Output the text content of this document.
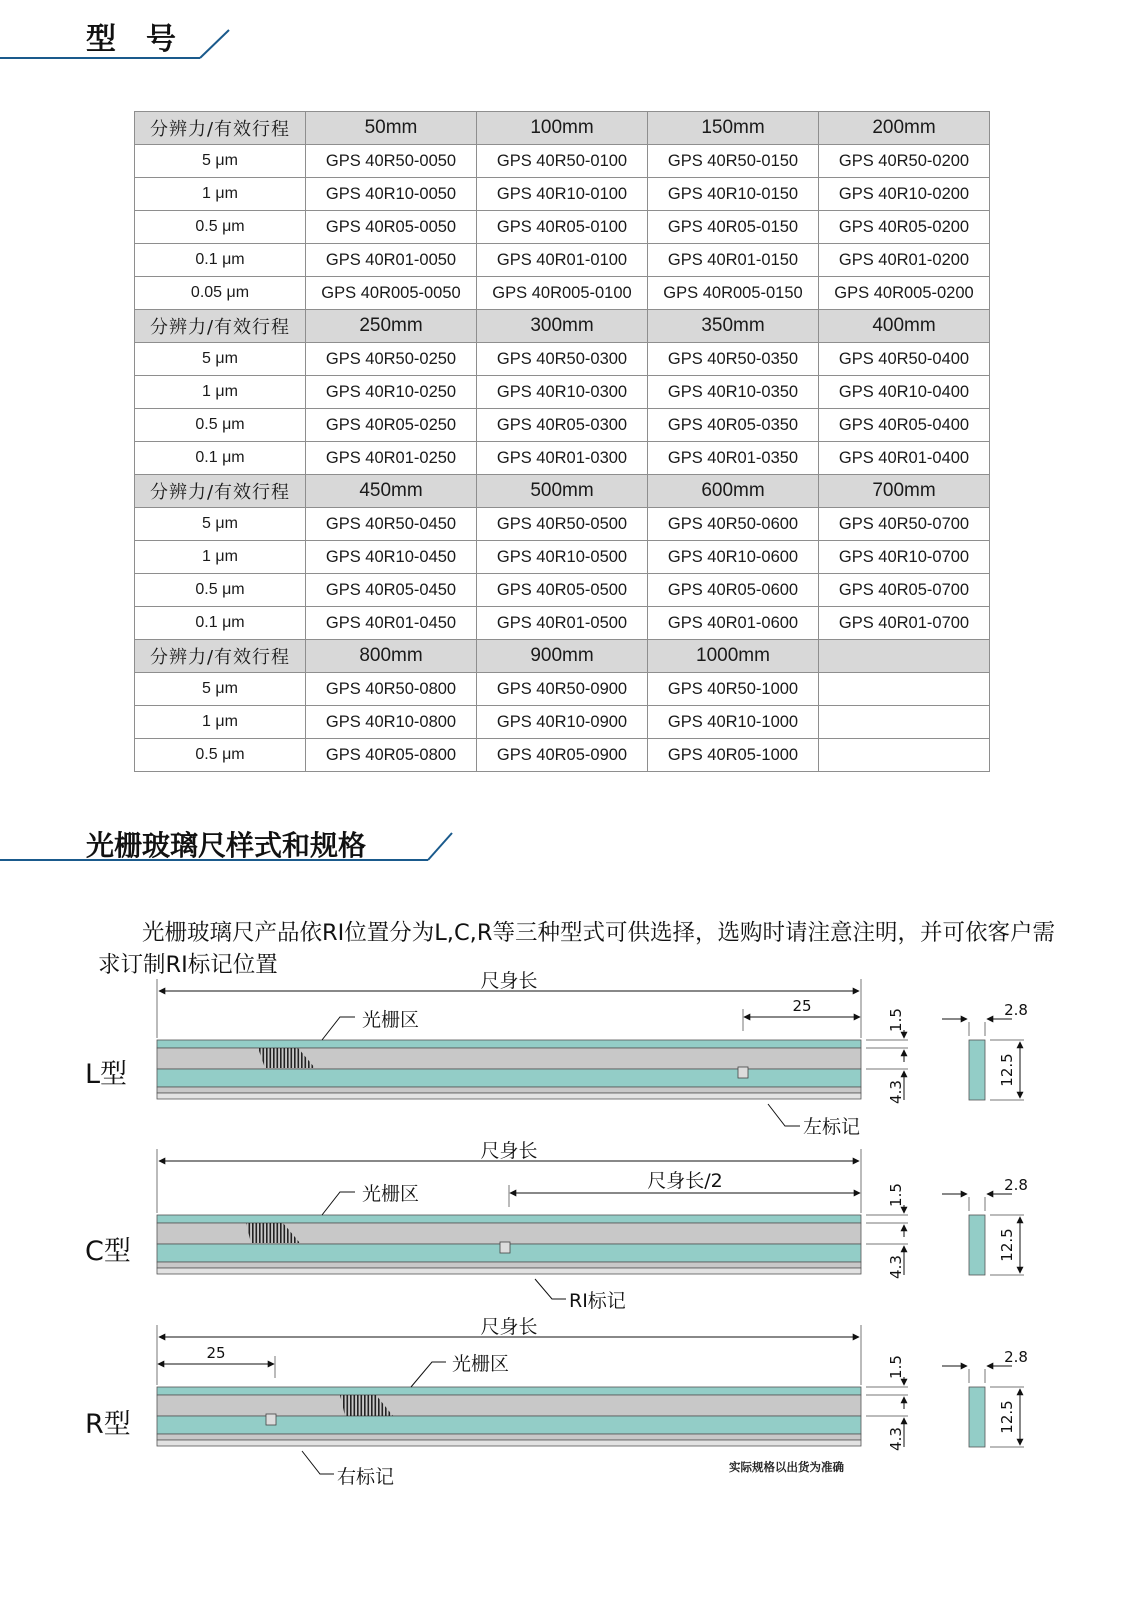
型　号
分辨力/有效行程	50mm	100mm	150mm	200mm
5 μm	GPS 40R50-0050	GPS 40R50-0100	GPS 40R50-0150	GPS 40R50-0200
1 μm	GPS 40R10-0050	GPS 40R10-0100	GPS 40R10-0150	GPS 40R10-0200
0.5 μm	GPS 40R05-0050	GPS 40R05-0100	GPS 40R05-0150	GPS 40R05-0200
0.1 μm	GPS 40R01-0050	GPS 40R01-0100	GPS 40R01-0150	GPS 40R01-0200
0.05 μm	GPS 40R005-0050	GPS 40R005-0100	GPS 40R005-0150	GPS 40R005-0200
分辨力/有效行程	250mm	300mm	350mm	400mm
5 μm	GPS 40R50-0250	GPS 40R50-0300	GPS 40R50-0350	GPS 40R50-0400
1 μm	GPS 40R10-0250	GPS 40R10-0300	GPS 40R10-0350	GPS 40R10-0400
0.5 μm	GPS 40R05-0250	GPS 40R05-0300	GPS 40R05-0350	GPS 40R05-0400
0.1 μm	GPS 40R01-0250	GPS 40R01-0300	GPS 40R01-0350	GPS 40R01-0400
分辨力/有效行程	450mm	500mm	600mm	700mm
5 μm	GPS 40R50-0450	GPS 40R50-0500	GPS 40R50-0600	GPS 40R50-0700
1 μm	GPS 40R10-0450	GPS 40R10-0500	GPS 40R10-0600	GPS 40R10-0700
0.5 μm	GPS 40R05-0450	GPS 40R05-0500	GPS 40R05-0600	GPS 40R05-0700
0.1 μm	GPS 40R01-0450	GPS 40R01-0500	GPS 40R01-0600	GPS 40R01-0700
分辨力/有效行程	800mm	900mm	1000mm	
5 μm	GPS 40R50-0800	GPS 40R50-0900	GPS 40R50-1000	
1 μm	GPS 40R10-0800	GPS 40R10-0900	GPS 40R10-1000	
0.5 μm	GPS 40R05-0800	GPS 40R05-0900	GPS 40R05-1000	
光栅玻璃尺样式和规格
光栅玻璃尺产品依RI位置分为L,C,R等三种型式可供选择，选购时请注意注明，并可依客户需求订制RI标记位置
L型
尺身长
25
光栅区
左标记
1.5
4.3
2.8
12.5
C型
尺身长
尺身长/2
光栅区
RI标记
1.5
4.3
2.8
12.5
R型
尺身长
25	光栅区
右标记
1.5
4.3
2.8
12.5
实际规格以出货为准确
